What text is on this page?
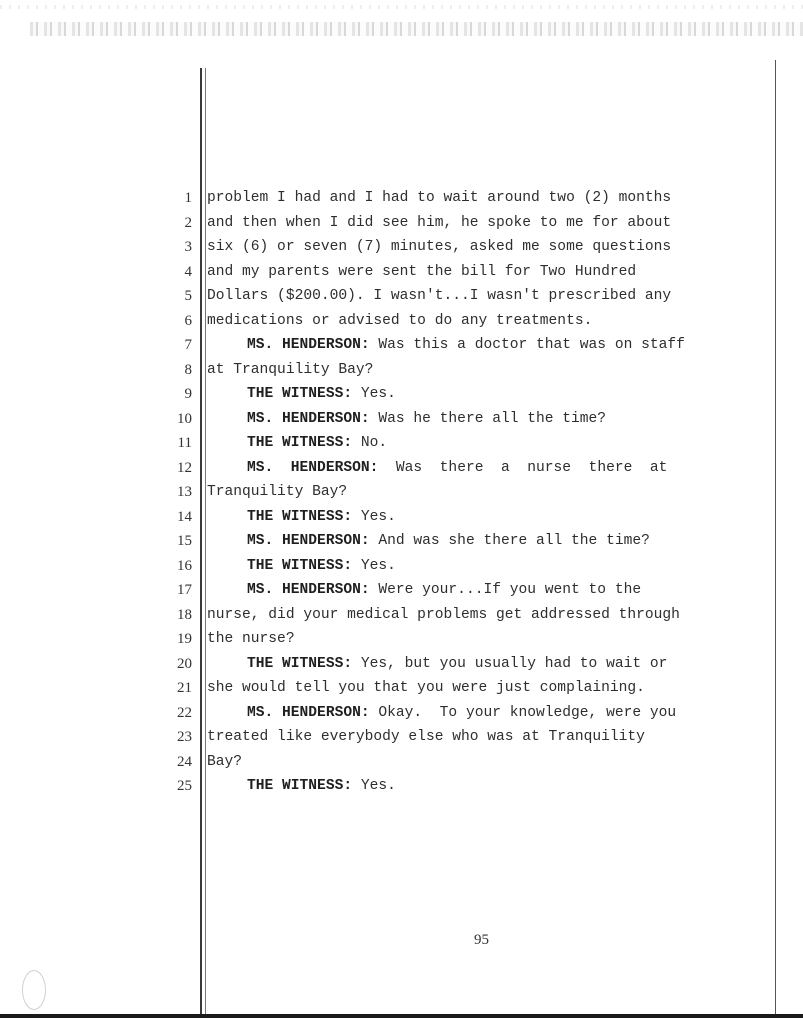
1 problem I had and I had to wait around two (2) months
2 and then when I did see him, he spoke to me for about
3 six (6) or seven (7) minutes, asked me some questions
4 and my parents were sent the bill for Two Hundred
5 Dollars ($200.00). I wasn't...I wasn't prescribed any
6 medications or advised to do any treatments.
7	MS. HENDERSON: Was this a doctor that was on staff
8 at Tranquility Bay?
9	THE WITNESS: Yes.
10	MS. HENDERSON: Was he there all the time?
11	THE WITNESS: No.
12	MS.  HENDERSON:  Was  there  a  nurse  there  at
13 Tranquility Bay?
14	THE WITNESS: Yes.
15	MS. HENDERSON: And was she there all the time?
16	THE WITNESS: Yes.
17	MS. HENDERSON: Were your...If you went to the
18 nurse, did your medical problems get addressed through
19 the nurse?
20	THE WITNESS: Yes, but you usually had to wait or
21 she would tell you that you were just complaining.
22	MS. HENDERSON: Okay.  To your knowledge, were you
23 treated like everybody else who was at Tranquility
24 Bay?
25	THE WITNESS: Yes.
95
